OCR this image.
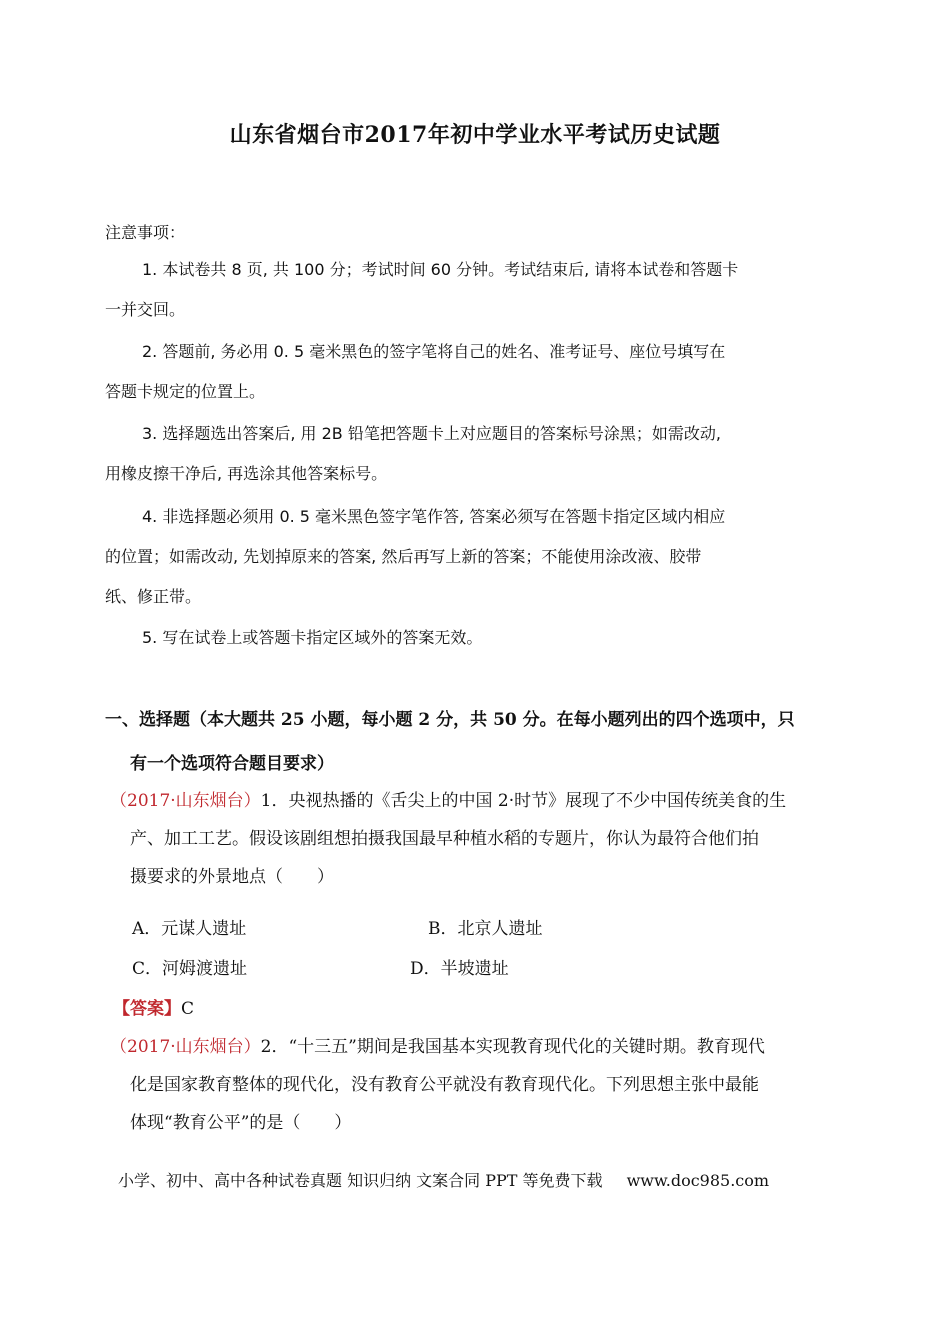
山东省烟台市2017年初中学业水平考试历史试题
注意事项：
1. 本试卷共 8 页, 共 100 分；考试时间 60 分钟。考试结束后, 请将本试卷和答题卡
一并交回。
2. 答题前, 务必用 0. 5 毫米黑色的签字笔将自己的姓名、准考证号、座位号填写在
答题卡规定的位置上。
3. 选择题选出答案后, 用 2B 铅笔把答题卡上对应题目的答案标号涂黑；如需改动,
用橡皮擦干净后, 再选涂其他答案标号。
4. 非选择题必须用 0. 5 毫米黑色签字笔作答, 答案必须写在答题卡指定区域内相应
的位置；如需改动, 先划掉原来的答案, 然后再写上新的答案；不能使用涂改液、胶带
纸、修正带。
5. 写在试卷上或答题卡指定区域外的答案无效。
一、选择题（本大题共 25 小题，每小题 2 分，共 50 分。在每小题列出的四个选项中，只
有一个选项符合题目要求）
（2017·山东烟台）1．央视热播的《舌尖上的中国 2·时节》展现了不少中国传统美食的生
产、加工工艺。假设该剧组想拍摄我国最早种植水稻的专题片，你认为最符合他们拍
摄要求的外景地点（　　）
A．元谋人遗址	B．北京人遗址
C．河姆渡遗址	D．半坡遗址
【答案】C
（2017·山东烟台）2．“十三五”期间是我国基本实现教育现代化的关键时期。教育现代
化是国家教育整体的现代化，没有教育公平就没有教育现代化。下列思想主张中最能
体现“教育公平”的是（　　）
小学、初中、高中各种试卷真题 知识归纳 文案合同 PPT 等免费下载 www.doc985.com
